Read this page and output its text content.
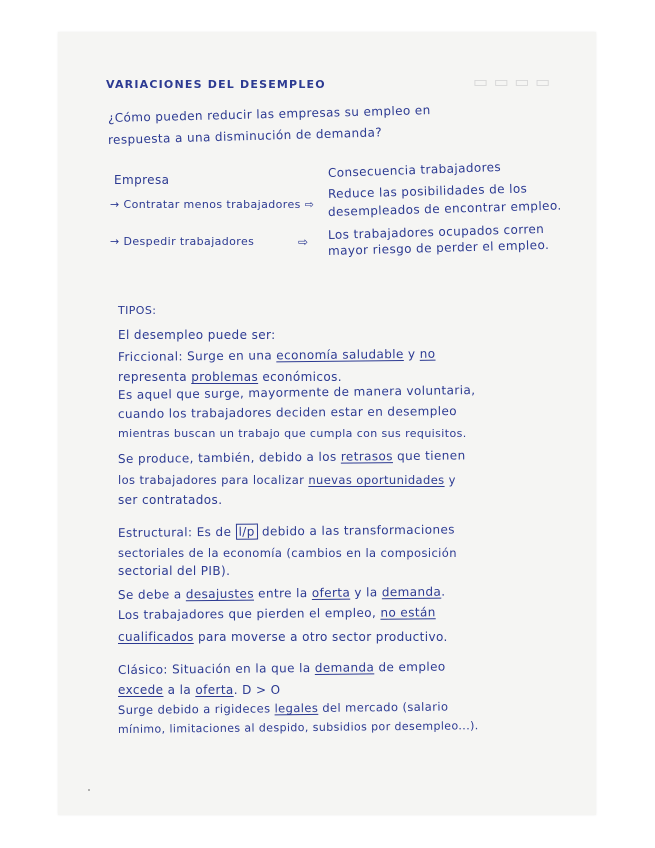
▭ ▭ ▭ ▭
VARIACIONES DEL DESEMPLEO
¿Cómo pueden reducir las empresas su empleo en
respuesta a una disminución de demanda?
Empresa
Consecuencia trabajadores
→ Contratar menos trabajadores ⇨
Reduce las posibilidades de los
desempleados de encontrar empleo.
→ Despedir trabajadores	⇨
Los trabajadores ocupados corren
mayor riesgo de perder el empleo.
TIPOS:
El desempleo puede ser:
Friccional: Surge en una economía saludable y no
representa problemas económicos.
Es aquel que surge, mayormente de manera voluntaria,
cuando los trabajadores deciden estar en desempleo
mientras buscan un trabajo que cumpla con sus requisitos.
Se produce, también, debido a los retrasos que tienen
los trabajadores para localizar nuevas oportunidades y
ser contratados.
Estructural: Es de l/p debido a las transformaciones
sectoriales de la economía (cambios en la composición
sectorial del PIB).
Se debe a desajustes entre la oferta y la demanda.
Los trabajadores que pierden el empleo, no están
cualificados para moverse a otro sector productivo.
Clásico: Situación en la que la demanda de empleo
excede a la oferta. D > O
Surge debido a rigideces legales del mercado (salario
mínimo, limitaciones al despido, subsidios por desempleo...).
